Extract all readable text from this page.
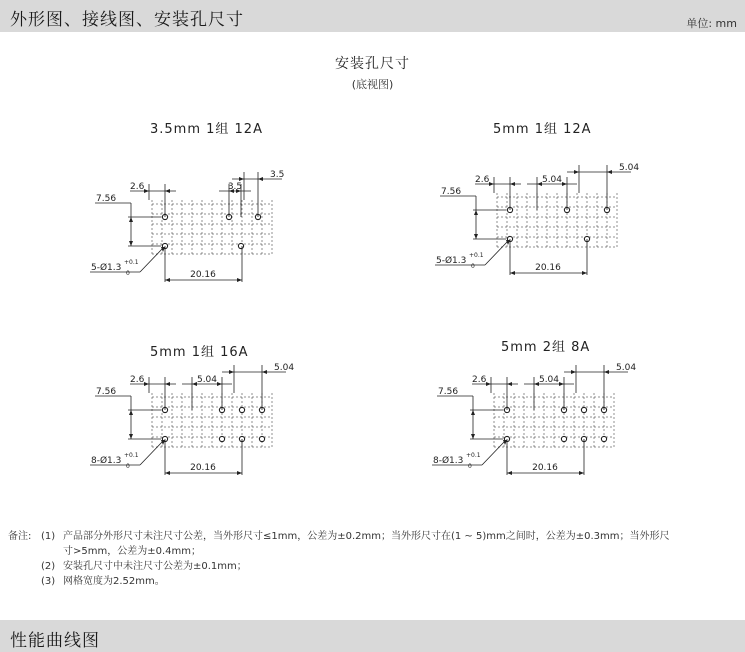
外形图、接线图、安装孔尺寸	单位: mm
安装孔尺寸
(底视图)
3.5mm 1组 12A	5mm 1组 12A
5mm 1组 16A	5mm 2组 8A
7.56
2.6	3.5
3.5
20.16
5-Ø1.3
+0.1
0
7.56
2.6	5.04
5.04
20.16
5-Ø1.3
+0.1
0
7.56
2.6	5.04
5.04
20.16
8-Ø1.3
+0.1
0
7.56
2.6	5.04
5.04
20.16
8-Ø1.3
+0.1
0
备注: (1) 产品部分外形尺寸未注尺寸公差，当外形尺寸≤1mm，公差为±0.2mm；当外形尺寸在(1 ~ 5)mm之间时，公差为±0.3mm；当外形尺
寸>5mm，公差为±0.4mm；
(2) 安装孔尺寸中未注尺寸公差为±0.1mm；
(3) 网格宽度为2.52mm。
性能曲线图
